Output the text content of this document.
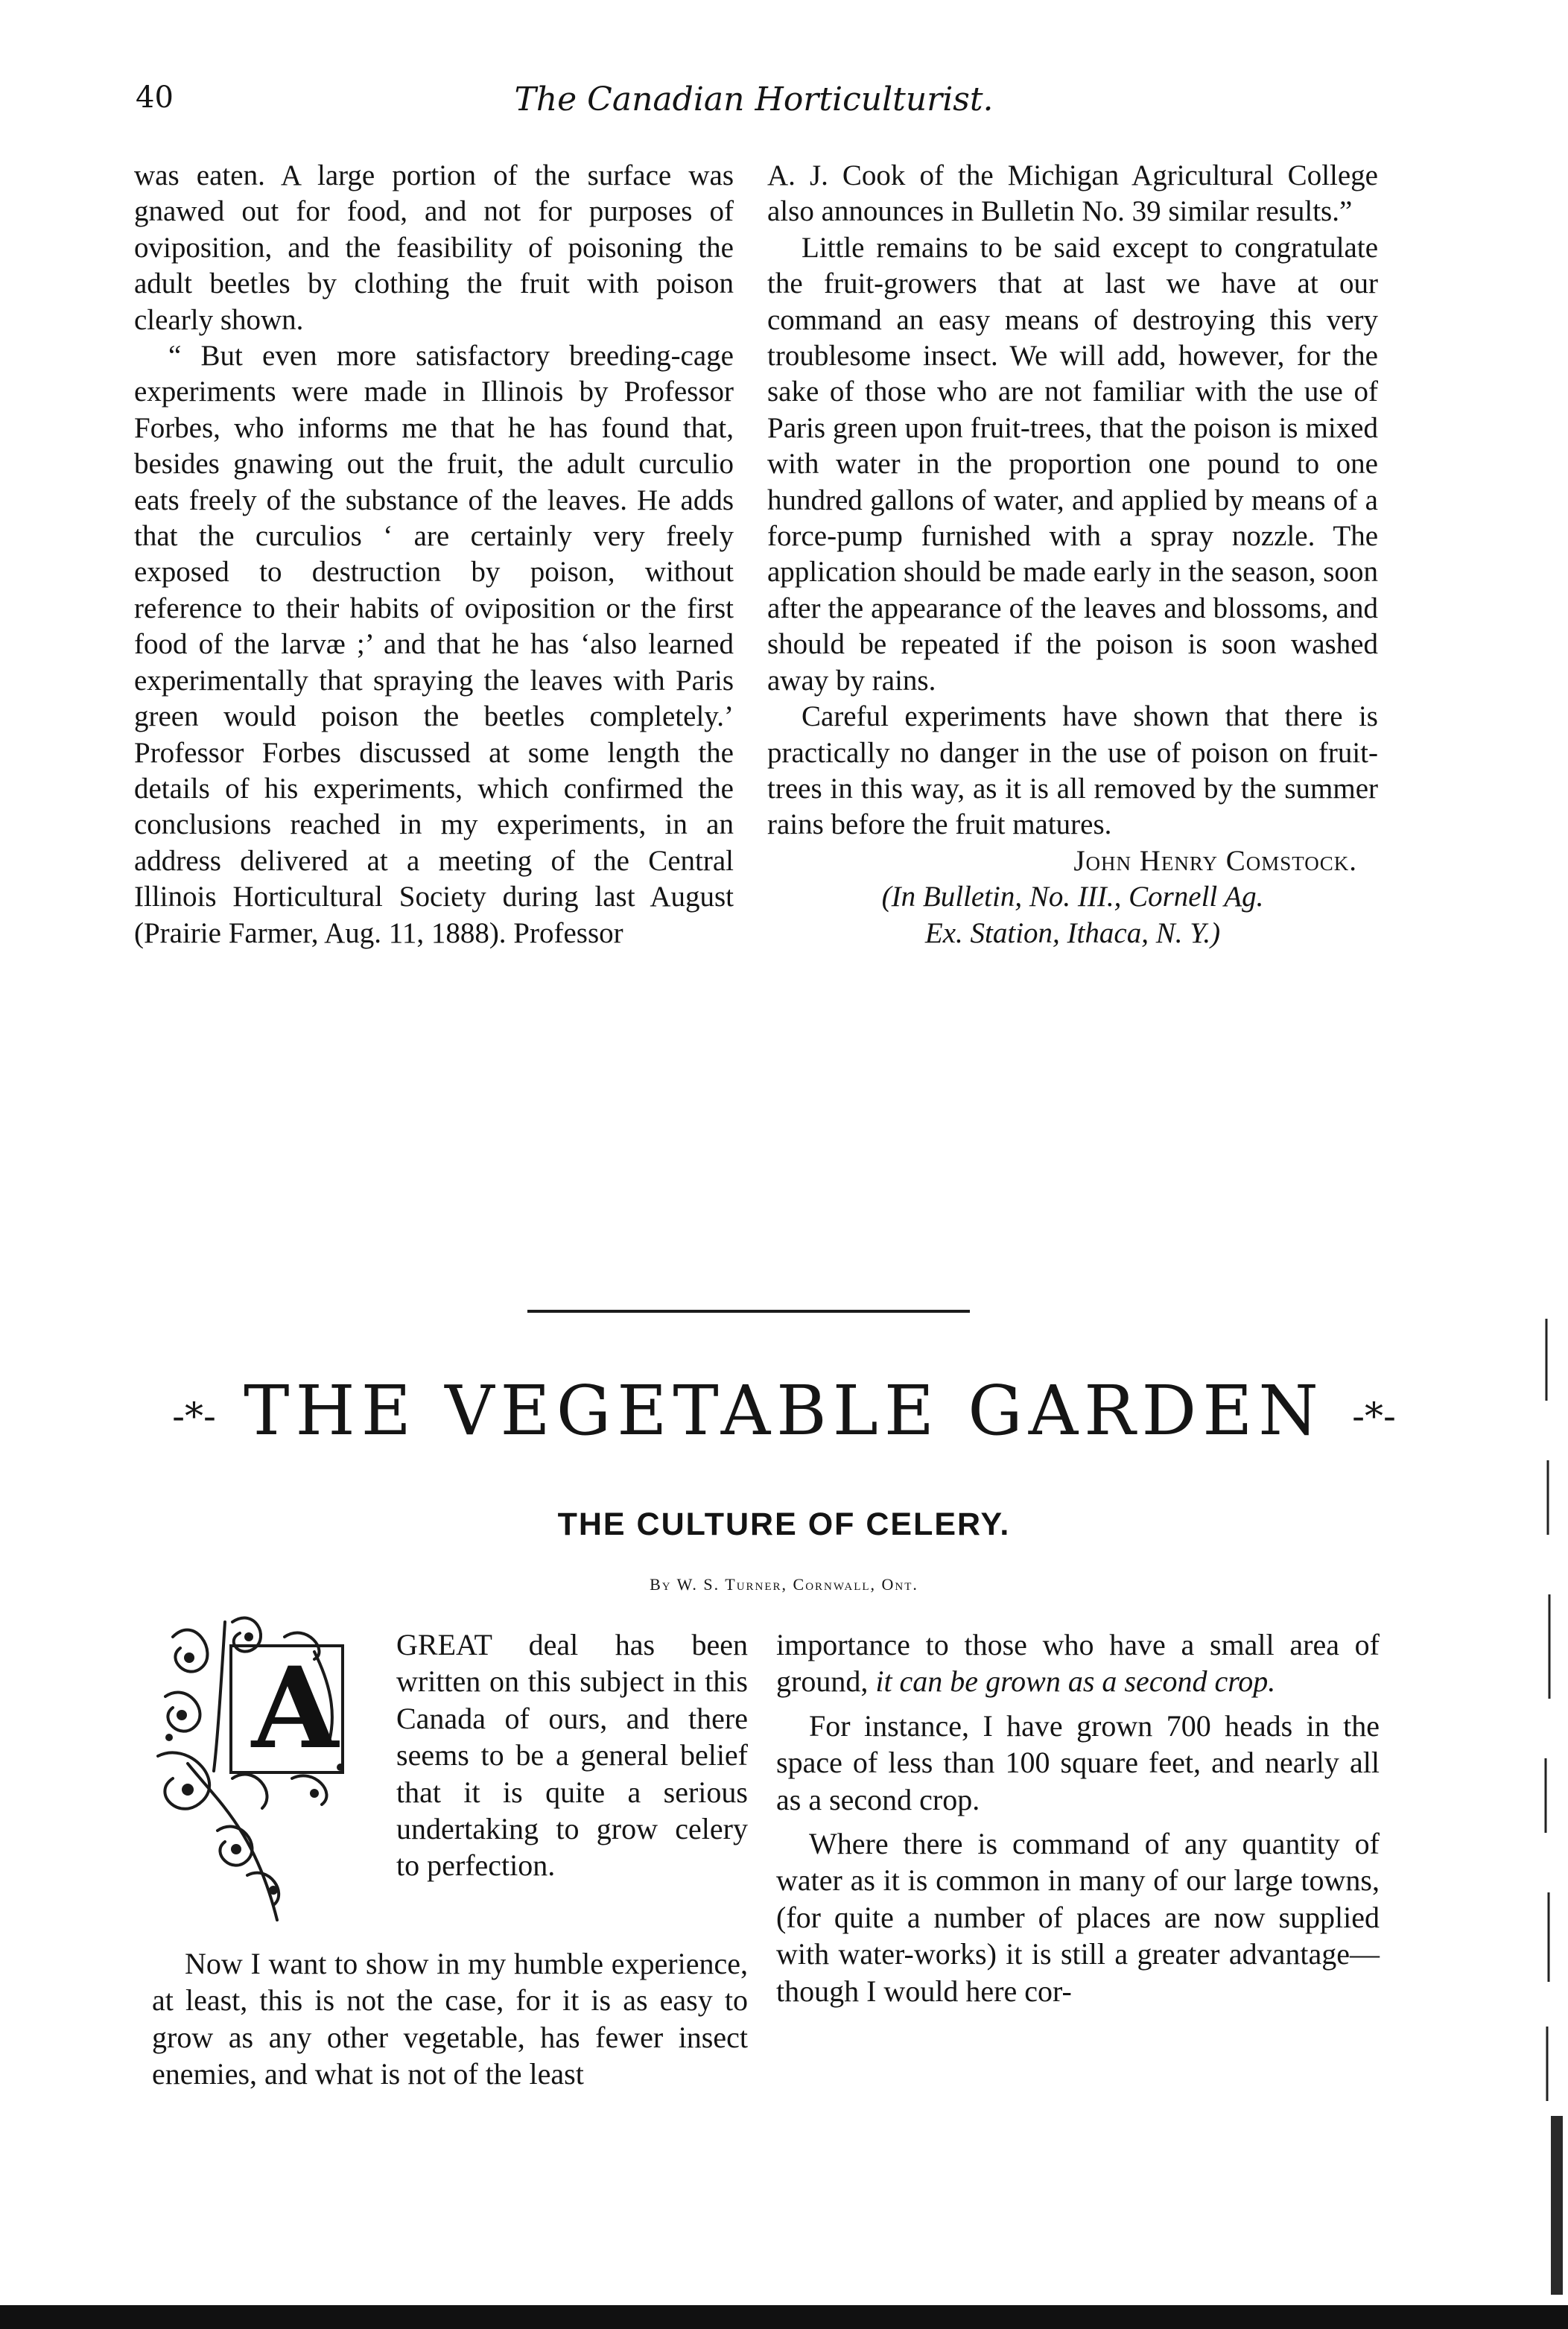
40	The Canadian Horticulturist.

was eaten. A large portion of the surface was gnawed out for food, and not for purposes of oviposition, and the feasibility of poisoning the adult beetles by clothing the fruit with poison clearly shown.

“ But even more satisfactory breeding-cage experiments were made in Illinois by Professor Forbes, who informs me that he has found that, besides gnawing out the fruit, the adult curculio eats freely of the substance of the leaves. He adds that the curculios ‘ are certainly very freely exposed to destruction by poison, without reference to their habits of oviposition or the first food of the larvæ ;’ and that he has ‘also learned experimentally that spraying the leaves with Paris green would poison the beetles completely.’ Professor Forbes discussed at some length the details of his experiments, which confirmed the conclusions reached in my experiments, in an address delivered at a meeting of the Central Illinois Horticultural Society during last August (Prairie Farmer, Aug. 11, 1888). Professor

A. J. Cook of the Michigan Agricultural College also announces in Bulletin No. 39 similar results.”

Little remains to be said except to congratulate the fruit-growers that at last we have at our command an easy means of destroying this very troublesome insect. We will add, however, for the sake of those who are not familiar with the use of Paris green upon fruit-trees, that the poison is mixed with water in the proportion one pound to one hundred gallons of water, and applied by means of a force-pump furnished with a spray nozzle. The application should be made early in the season, soon after the appearance of the leaves and blossoms, and should be repeated if the poison is soon washed away by rains.

Careful experiments have shown that there is practically no danger in the use of poison on fruit-trees in this way, as it is all removed by the summer rains before the fruit matures.

John Henry Comstock.

(In Bulletin, No. III., Cornell Ag.
Ex. Station, Ithaca, N. Y.)

-*- THE VEGETABLE GARDEN -*-
THE CULTURE OF CELERY.
By W. S. Turner, Cornwall, Ont.
A	GREAT deal has been written on this subject in this Canada of ours, and there seems to be a general belief that it is quite a serious undertaking to grow celery to perfection.

Now I want to show in my humble experience, at least, this is not the case, for it is as easy to grow as any other vegetable, has fewer insect enemies, and what is not of the least

importance to those who have a small area of ground, it can be grown as a second crop.

For instance, I have grown 700 heads in the space of less than 100 square feet, and nearly all as a second crop.

Where there is command of any quantity of water as it is common in many of our large towns, (for quite a number of places are now supplied with water-works) it is still a greater advantage—though I would here cor-
